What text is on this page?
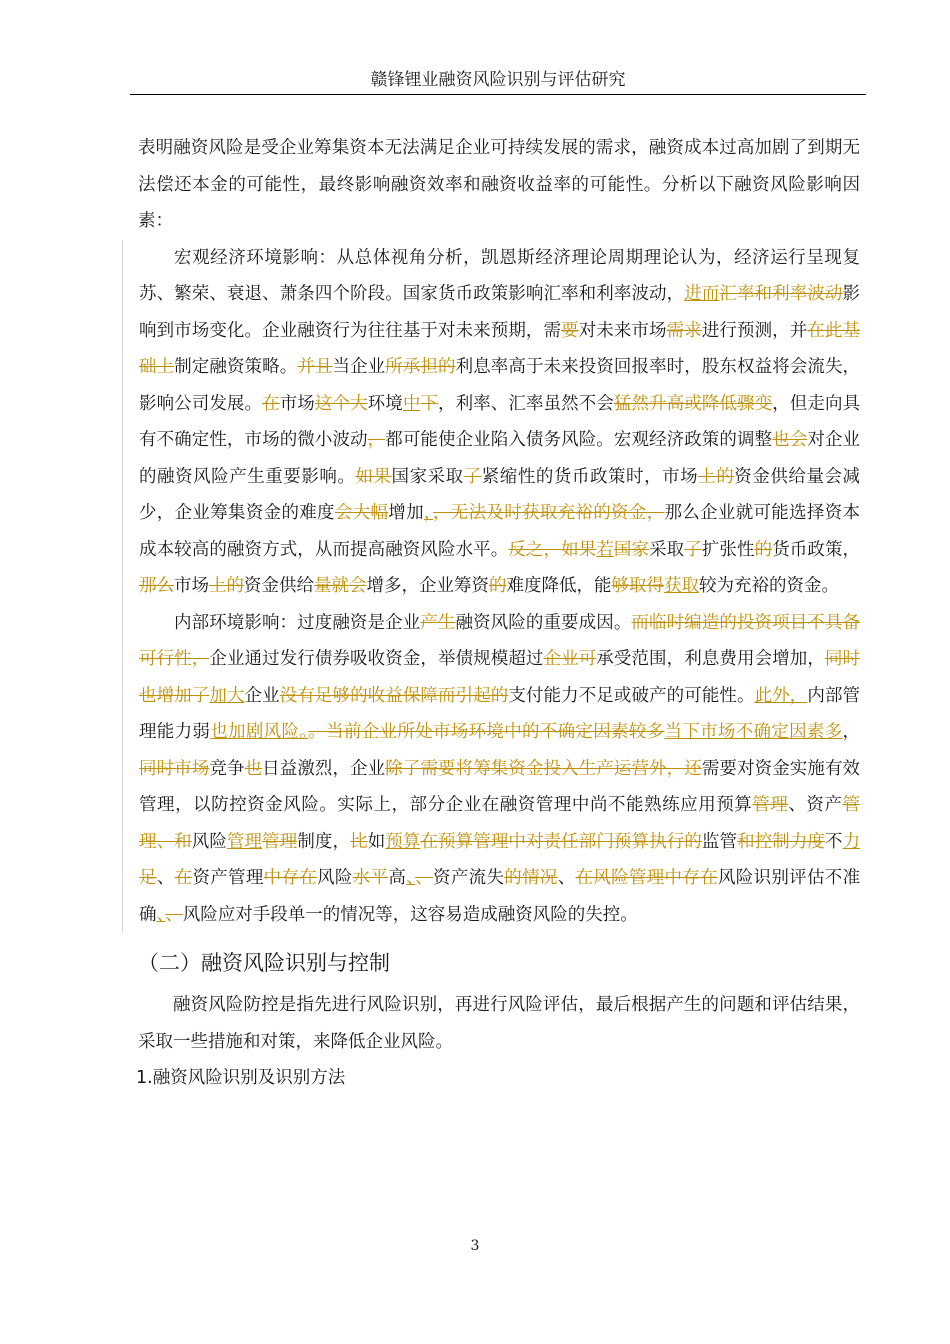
赣锋锂业融资风险识别与评估研究

表明融资风险是受企业筹集资本无法满足企业可持续发展的需求，融资成本过高加剧了到期无法偿还本金的可能性，最终影响融资效率和融资收益率的可能性。分析以下融资风险影响因素：

宏观经济环境影响：从总体视角分析，凯恩斯经济理论周期理论认为，经济运行呈现复苏、繁荣、衰退、萧条四个阶段。国家货币政策影响汇率和利率波动，进而汇率和利率波动影响到市场变化。企业融资行为往往基于对未来预期，需要对未来市场需求进行预测，并在此基础上制定融资策略。并且当企业所承担的利息率高于未来投资回报率时，股东权益将会流失，影响公司发展。在市场这个大环境中下，利率、汇率虽然不会猛然升高或降低骤变，但走向具有不确定性，市场的微小波动，都可能使企业陷入债务风险。宏观经济政策的调整也会对企业的融资风险产生重要影响。如果国家采取了紧缩性的货币政策时，市场上的资金供给量会减少，企业筹集资金的难度会大幅增加，，无法及时获取充裕的资金，那么企业就可能选择资本成本较高的融资方式，从而提高融资风险水平。反之，如果若国家采取了扩张性的货币政策，那么市场上的资金供给量就会增多，企业筹资的难度降低，能够取得获取较为充裕的资金。

内部环境影响：过度融资是企业产生融资风险的重要成因。而临时编造的投资项目不具备可行性，企业通过发行债券吸收资金，举债规模超过企业可承受范围，利息费用会增加，同时也增加了加大企业没有足够的收益保障而引起的支付能力不足或破产的可能性。此外，内部管理能力弱也加剧风险。。当前企业所处市场环境中的不确定因素较多当下市场不确定因素多，同时市场竞争也日益激烈，企业除了需要将筹集资金投入生产运营外，还需要对资金实施有效管理，以防控资金风险。实际上，部分企业在融资管理中尚不能熟练应用预算管理、资产管理、和风险管理管理制度，比如预算在预算管理中对责任部门预算执行的监管和控制力度不力足、在资产管理中存在风险水平高、、资产流失的情况、在风险管理中存在风险识别评估不准确、、风险应对手段单一的情况等，这容易造成融资风险的失控。

（二）融资风险识别与控制

融资风险防控是指先进行风险识别，再进行风险评估，最后根据产生的问题和评估结果，采取一些措施和对策，来降低企业风险。

1.融资风险识别及识别方法
3
